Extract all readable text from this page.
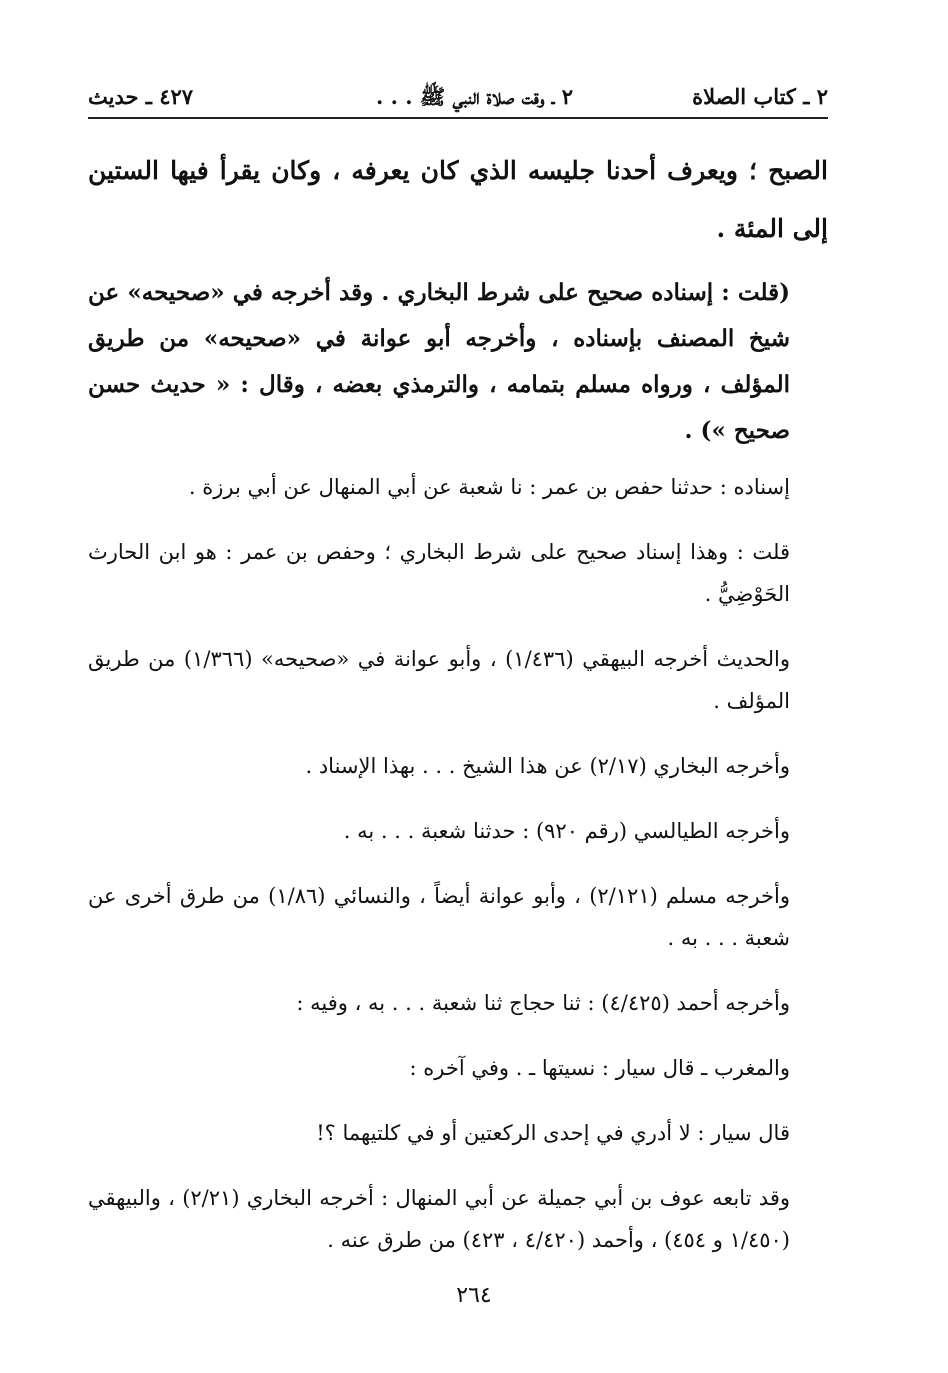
٢ ـ كتاب الصلاة
٢ ـ وقت صلاة النبي ﷺ . . .
٤٢٧ ـ حديث

الصبح ؛ ويعرف أحدنا جليسه الذي كان يعرفه ، وكان يقرأ فيها الستين إلى المئة .

(قلت : إسناده صحيح على شرط البخاري . وقد أخرجه في «صحيحه» عن شيخ المصنف بإسناده ، وأخرجه أبو عوانة في «صحيحه» من طريق المؤلف ، ورواه مسلم بتمامه ، والترمذي بعضه ، وقال : « حديث حسن صحيح ») .

إسناده : حدثنا حفص بن عمر : نا شعبة عن أبي المنهال عن أبي برزة .

قلت : وهذا إسناد صحيح على شرط البخاري ؛ وحفص بن عمر : هو ابن الحارث الحَوْضِيُّ .

والحديث أخرجه البيهقي (١/٤٣٦) ، وأبو عوانة في «صحيحه» (١/٣٦٦) من طريق المؤلف .

وأخرجه البخاري (٢/١٧) عن هذا الشيخ . . . بهذا الإسناد .

وأخرجه الطيالسي (رقم ٩٢٠) : حدثنا شعبة . . . به .

وأخرجه مسلم (٢/١٢١) ، وأبو عوانة أيضاً ، والنسائي (١/٨٦) من طرق أخرى عن شعبة . . . به .

وأخرجه أحمد (٤/٤٢٥) : ثنا حجاج ثنا شعبة . . . به ، وفيه :

والمغرب ـ قال سيار : نسيتها ـ . وفي آخره :

قال سيار : لا أدري في إحدى الركعتين أو في كلتيهما ؟!

وقد تابعه عوف بن أبي جميلة عن أبي المنهال : أخرجه البخاري (٢/٢١) ، والبيهقي (١/٤٥٠ و ٤٥٤) ، وأحمد (٤/٤٢٠ ، ٤٢٣) من طرق عنه .

٢٦٤
